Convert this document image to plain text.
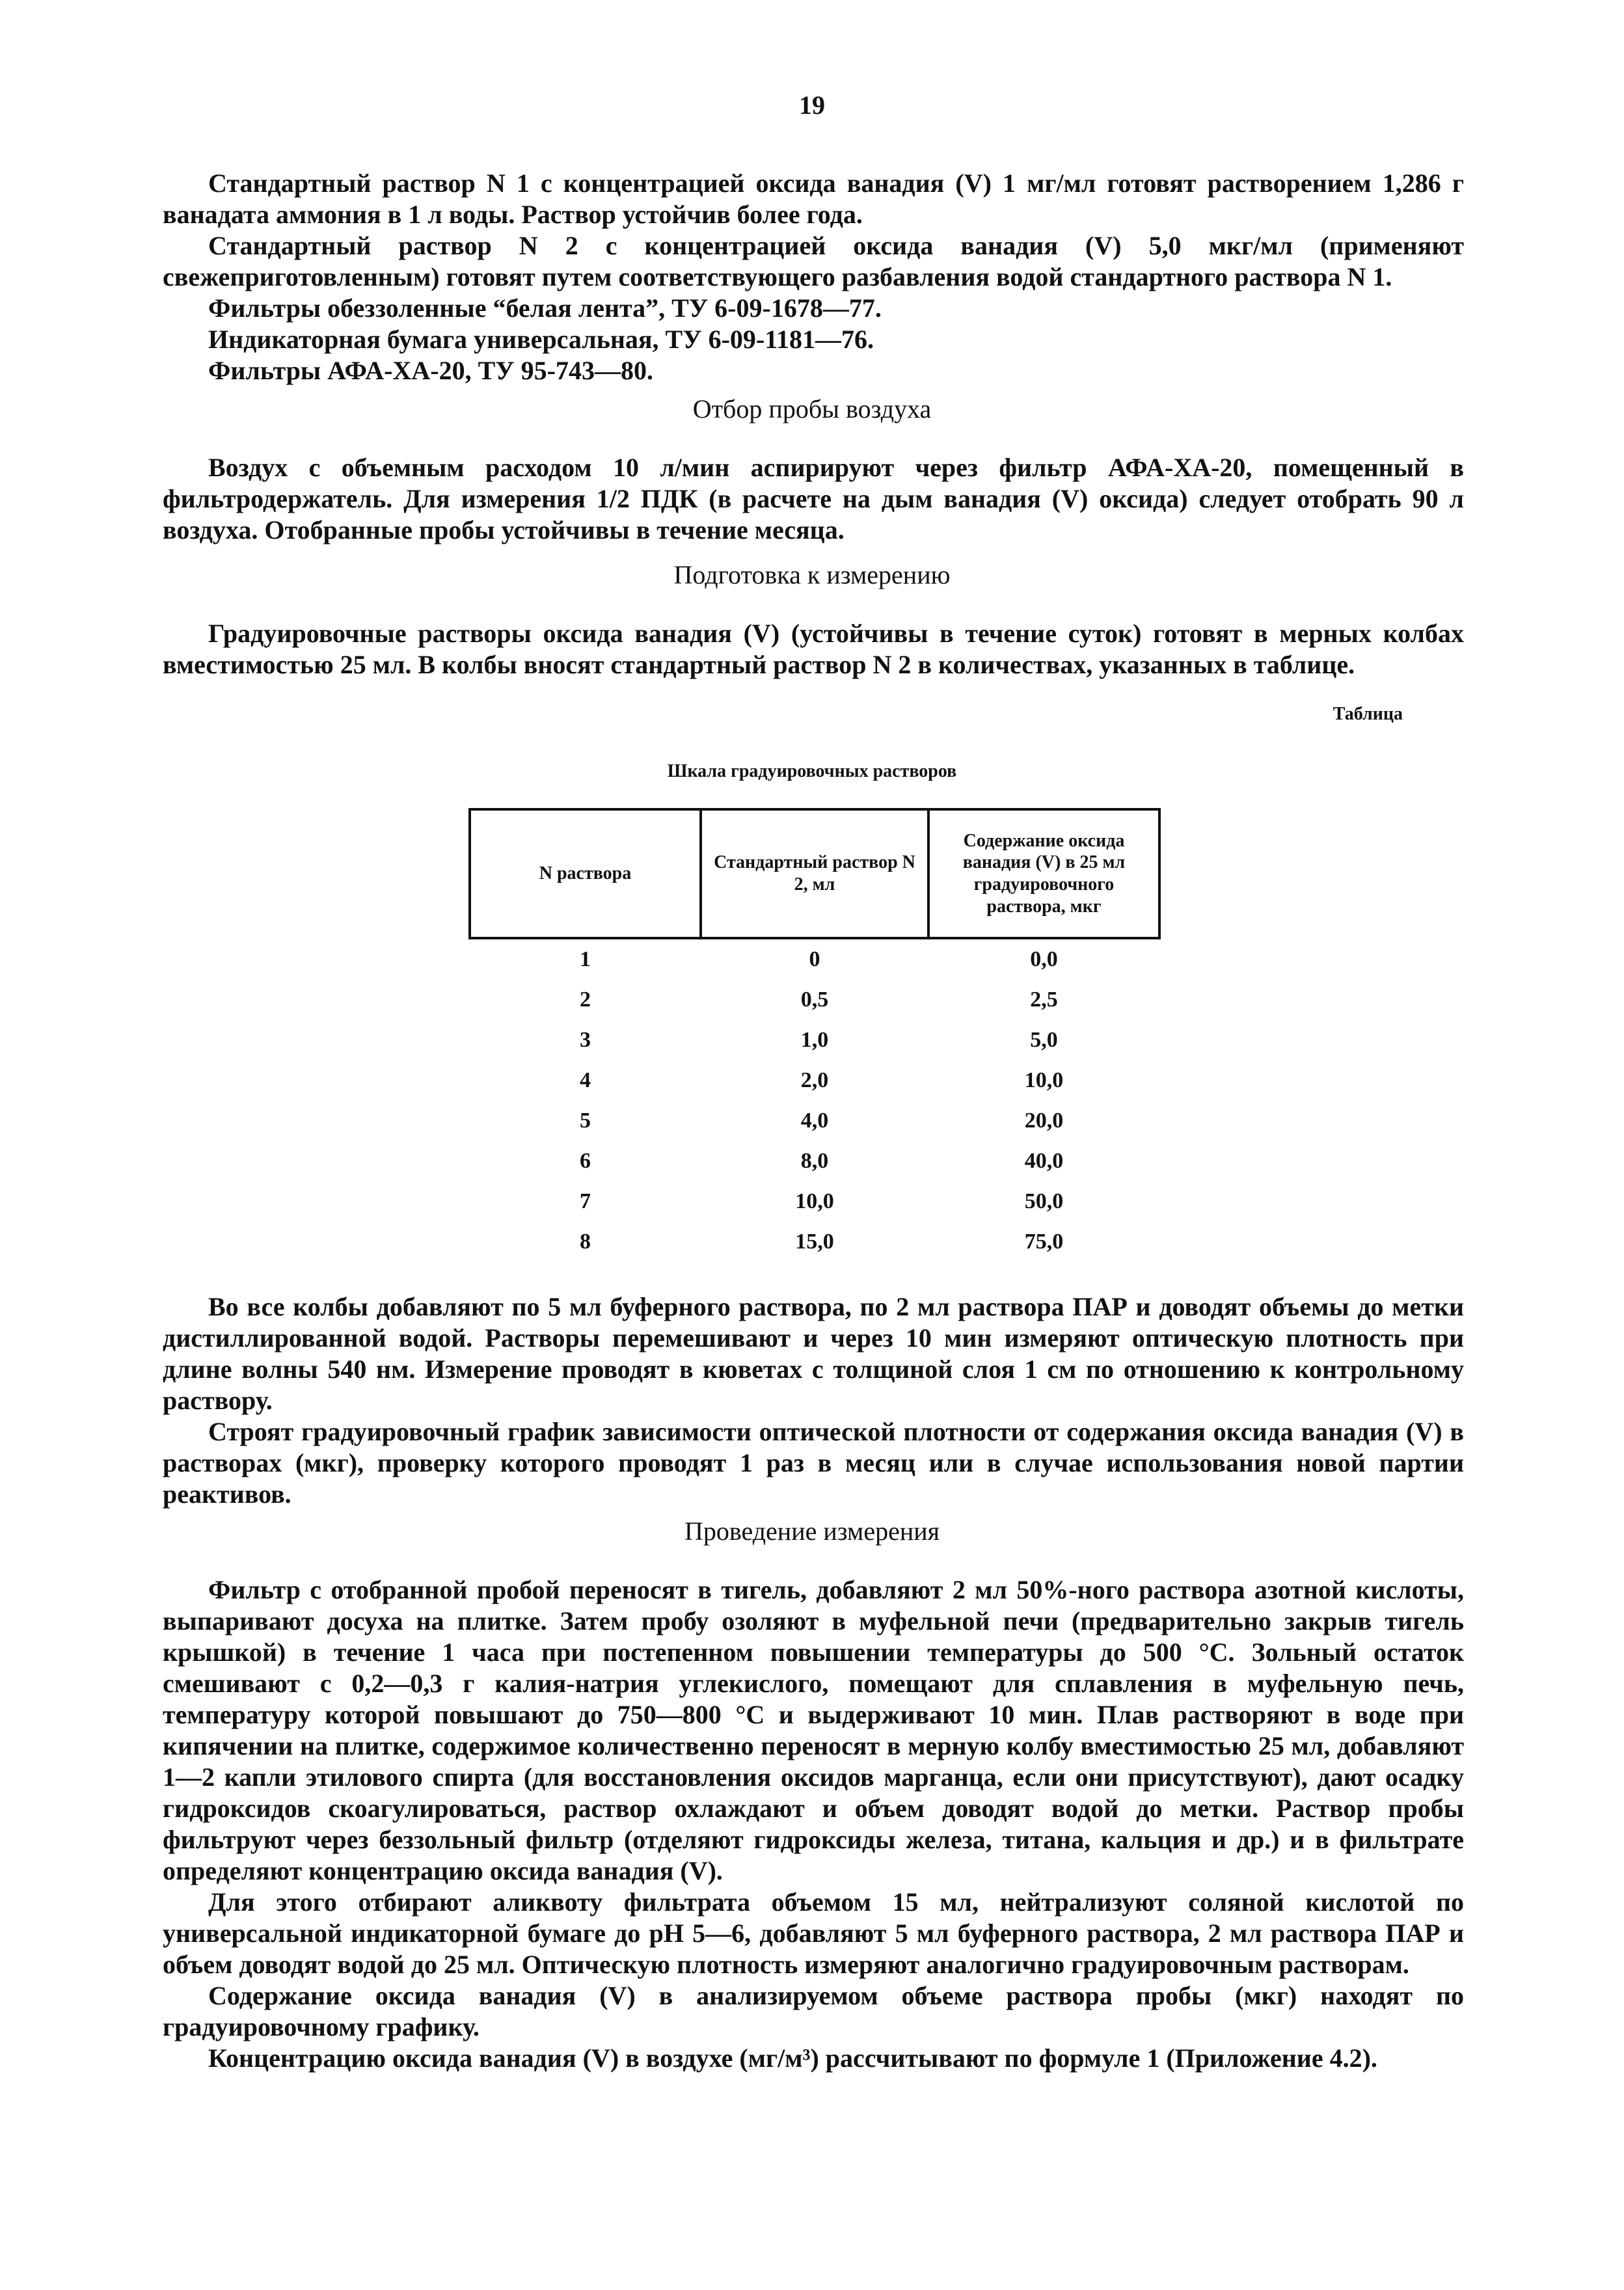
19

Стандартный раствор N 1 с концентрацией оксида ванадия (V) 1 мг/мл готовят растворением 1,286 г ванадата аммония в 1 л воды. Раствор устойчив более года.

Стандартный раствор N 2 с концентрацией оксида ванадия (V) 5,0 мкг/мл (применяют свежеприготовленным) готовят путем соответствующего разбавления водой стандартного раствора N 1.

Фильтры обеззоленные “белая лента”, ТУ 6-09-1678—77.

Индикаторная бумага универсальная, ТУ 6-09-1181—76.

Фильтры АФА-ХА-20, ТУ 95-743—80.

Отбор пробы воздуха

Воздух с объемным расходом 10 л/мин аспирируют через фильтр АФА-ХА-20, помещенный в фильтродержатель. Для измерения 1/2 ПДК (в расчете на дым ванадия (V) оксида) следует отобрать 90 л воздуха. Отобранные пробы устойчивы в течение месяца.

Подготовка к измерению

Градуировочные растворы оксида ванадия (V) (устойчивы в течение суток) готовят в мерных колбах вместимостью 25 мл. В колбы вносят стандартный раствор N 2 в количествах, указанных в таблице.

Таблица
Шкала градуировочных растворов
N раствора	Стандартный раствор N 2, мл	Содержание оксида ванадия (V) в 25 мл градуировочного раствора, мкг
1	0	0,0
2	0,5	2,5
3	1,0	5,0
4	2,0	10,0
5	4,0	20,0
6	8,0	40,0
7	10,0	50,0
8	15,0	75,0

Во все колбы добавляют по 5 мл буферного раствора, по 2 мл раствора ПАР и доводят объемы до метки дистиллированной водой. Растворы перемешивают и через 10 мин измеряют оптическую плотность при длине волны 540 нм. Измерение проводят в кюветах с толщиной слоя 1 см по отношению к контрольному раствору.

Строят градуировочный график зависимости оптической плотности от содержания оксида ванадия (V) в растворах (мкг), проверку которого проводят 1 раз в месяц или в случае использования новой партии реактивов.

Проведение измерения

Фильтр с отобранной пробой переносят в тигель, добавляют 2 мл 50%-ного раствора азотной кислоты, выпаривают досуха на плитке. Затем пробу озоляют в муфельной печи (предварительно закрыв тигель крышкой) в течение 1 часа при постепенном повышении температуры до 500 °С. Зольный остаток смешивают с 0,2—0,3 г калия-натрия углекислого, помещают для сплавления в муфельную печь, температуру которой повышают до 750—800 °С и выдерживают 10 мин. Плав растворяют в воде при кипячении на плитке, содержимое количественно переносят в мерную колбу вместимостью 25 мл, добавляют 1—2 капли этилового спирта (для восстановления оксидов марганца, если они присутствуют), дают осадку гидроксидов скоагулироваться, раствор охлаждают и объем доводят водой до метки. Раствор пробы фильтруют через беззольный фильтр (отделяют гидроксиды железа, титана, кальция и др.) и в фильтрате определяют концентрацию оксида ванадия (V).

Для этого отбирают аликвоту фильтрата объемом 15 мл, нейтрализуют соляной кислотой по универсальной индикаторной бумаге до рН 5—6, добавляют 5 мл буферного раствора, 2 мл раствора ПАР и объем доводят водой до 25 мл. Оптическую плотность измеряют аналогично градуировочным растворам.

Содержание оксида ванадия (V) в анализируемом объеме раствора пробы (мкг) находят по градуировочному графику.

Концентрацию оксида ванадия (V) в воздухе (мг/м³) рассчитывают по формуле 1 (Приложение 4.2).
